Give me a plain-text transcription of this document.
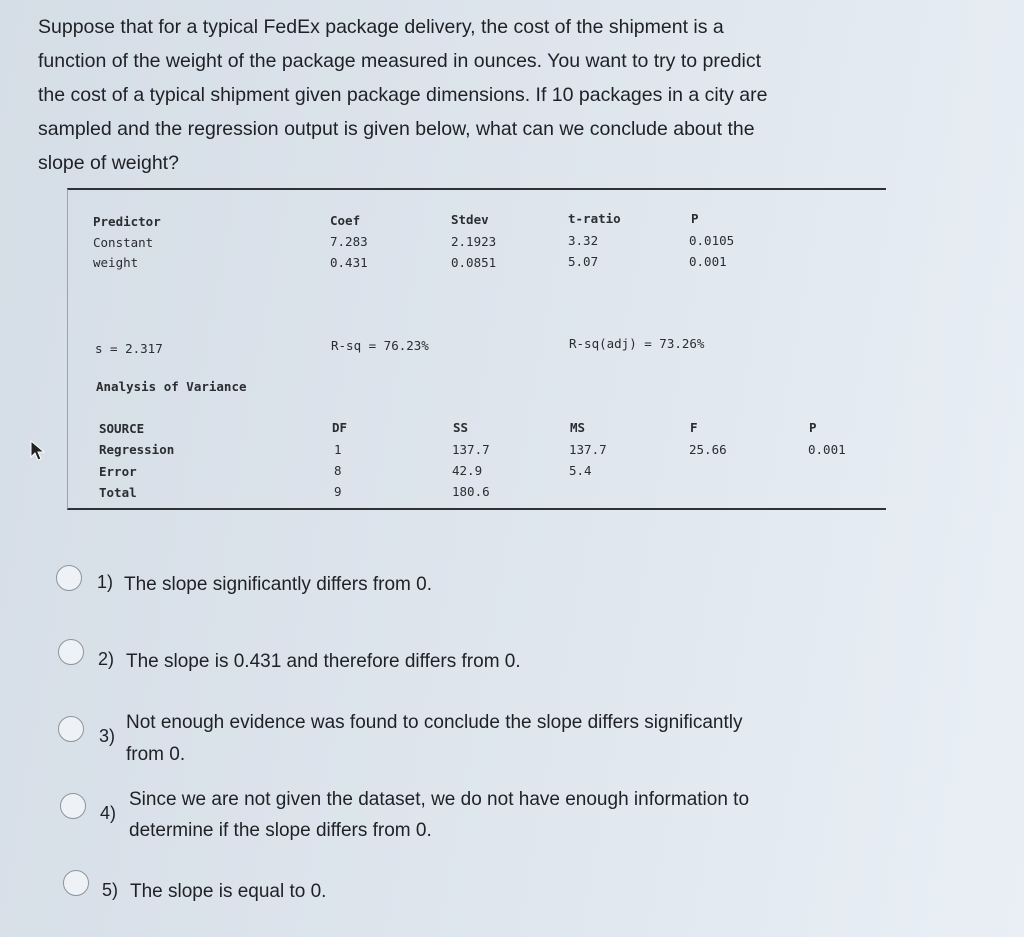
Suppose that for a typical FedEx package delivery, the cost of the shipment is a
function of the weight of the package measured in ounces. You want to try to predict
the cost of a typical shipment given package dimensions. If 10 packages in a city are
sampled and the regression output is given below, what can we conclude about the
slope of weight?
Predictor	Coef	Stdev	t-ratio	P
Constant	7.283	2.1923	3.32	0.0105
weight	0.431	0.0851	5.07	0.001
s = 2.317	R-sq = 76.23%	R-sq(adj) = 73.26%
Analysis of Variance
SOURCE	DF	SS	MS	F	P
Regression	1	137.7	137.7	25.66	0.001
Error	8	42.9	5.4
Total	9	180.6
1) The slope significantly differs from 0.
2) The slope is 0.431 and therefore differs from 0.
3)
Not enough evidence was found to conclude the slope differs significantly
from 0.
4)
Since we are not given the dataset, we do not have enough information to
determine if the slope differs from 0.
5) The slope is equal to 0.
